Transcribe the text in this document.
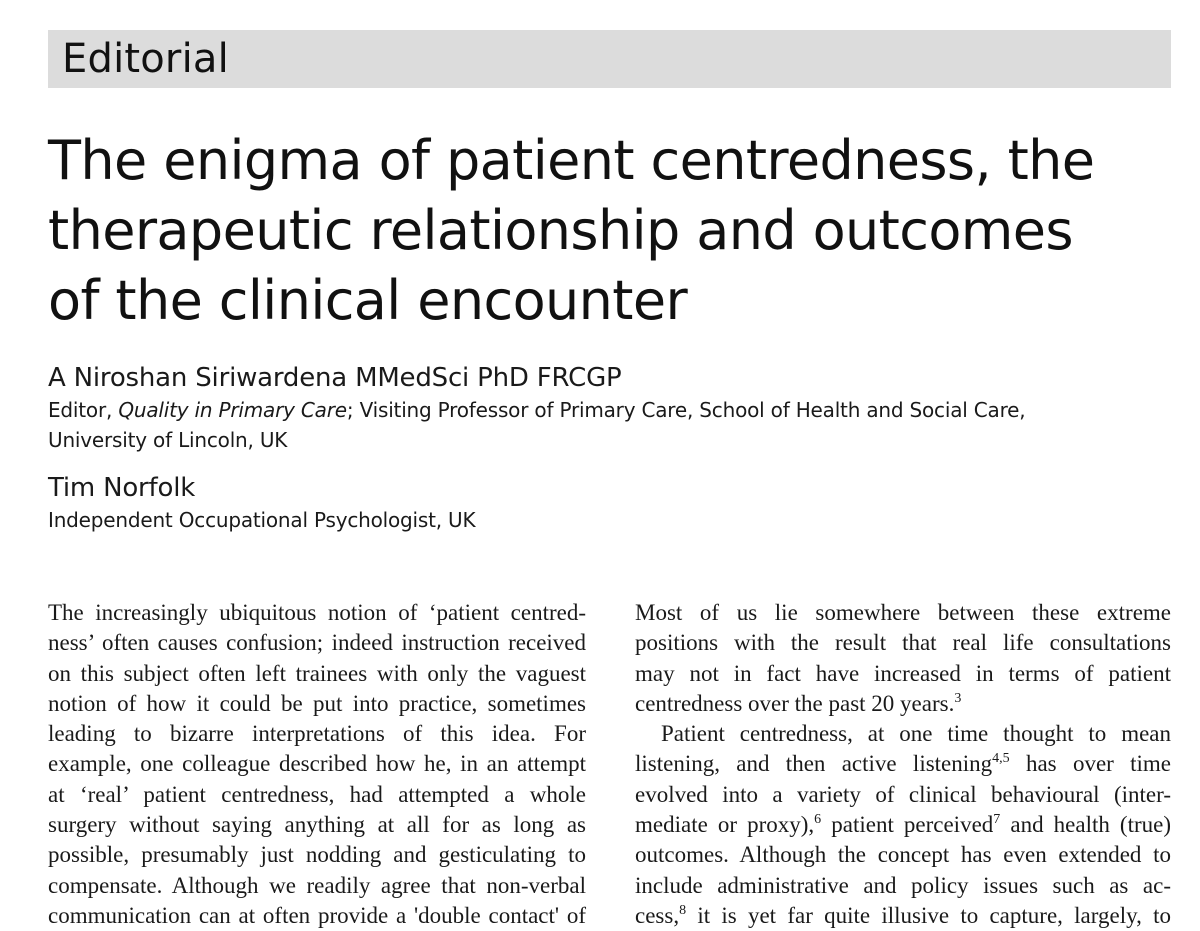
Editorial
The enigma of patient centredness, the
therapeutic relationship and outcomes
of the clinical encounter
A Niroshan Siriwardena MMedSci PhD FRCGP
Editor, Quality in Primary Care; Visiting Professor of Primary Care, School of Health and Social Care,
University of Lincoln, UK
Tim Norfolk
Independent Occupational Psychologist, UK
The increasingly ubiquitous notion of ‘patient centred-
ness’ often causes confusion; indeed instruction received
on this subject often left trainees with only the vaguest
notion of how it could be put into practice, sometimes
leading to bizarre interpretations of this idea. For
example, one colleague described how he, in an attempt
at ‘real’ patient centredness, had attempted a whole
surgery without saying anything at all for as long as
possible, presumably just nodding and gesticulating to
compensate. Although we readily agree that non-verbal
communication can at often provide a 'double contact' of
Most of us lie somewhere between these extreme
positions with the result that real life consultations
may not in fact have increased in terms of patient
centredness over the past 20 years.$^3$
Patient centredness, at one time thought to mean
listening, and then active listening$^{4,5}$ has over time
evolved into a variety of clinical behavioural (inter-
mediate or proxy),$^6$ patient perceived$^7$ and health (true)
outcomes. Although the concept has even extended to
include administrative and policy issues such as ac-
cess,$^8$ it is yet far quite illusive to capture, largely, to
